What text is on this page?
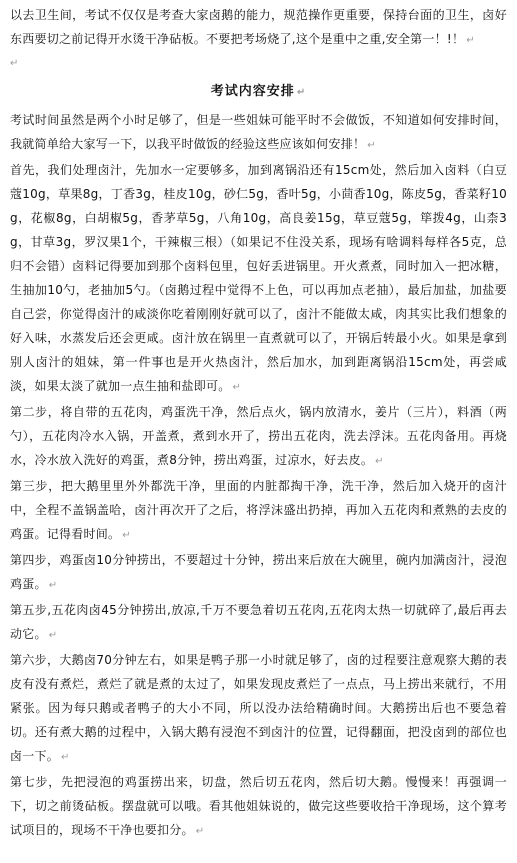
以去卫生间，考试不仅仅是考查大家卤鹅的能力，规范操作更重要，保持台面的卫生，卤好东西要切之前记得开水烫干净砧板。不要把考场烧了,这个是重中之重,安全第一！!！ ↵

↵
考试内容安排 ↵

考试时间虽然是两个小时足够了，但是一些姐妹可能平时不会做饭，不知道如何安排时间，我就简单给大家写一下，以我平时做饭的经验这些应该如何安排！ ↵

首先，我们处理卤汁，先加水一定要够多，加到离锅沿还有15cm处，然后加入卤料（白豆蔻10g，草果8g，丁香3g，桂皮10g，砂仁5g，香叶5g，小茴香10g，陈皮5g，香菜籽10g，花椒8g，白胡椒5g，香茅草5g，八角10g，高良姜15g，草豆蔻5g，筚拨4g，山柰3g，甘草3g，罗汉果1个，干辣椒三根）（如果记不住没关系，现场有啥调料每样各5克，总归不会错）卤料记得要加到那个卤料包里，包好丢进锅里。开火煮煮，同时加入一把冰糖，生抽加10勺，老抽加5勺。（卤鹅过程中觉得不上色，可以再加点老抽），最后加盐，加盐要自己尝，你觉得卤汁的咸淡你吃着刚刚好就可以了，卤汁不能做太咸，肉其实比我们想象的好入味，水蒸发后还会更咸。卤汁放在锅里一直煮就可以了，开锅后转最小火。如果是拿到别人卤汁的姐妹，第一件事也是开火热卤汁，然后加水，加到距离锅沿15cm处，再尝咸淡，如果太淡了就加一点生抽和盐即可。 ↵

第二步，将自带的五花肉，鸡蛋洗干净，然后点火，锅内放清水，姜片（三片），料酒（两勺），五花肉冷水入锅，开盖煮，煮到水开了，捞出五花肉，洗去浮沫。五花肉备用。再烧水，冷水放入洗好的鸡蛋，煮8分钟，捞出鸡蛋，过凉水，好去皮。 ↵

第三步，把大鹅里里外外都洗干净，里面的内脏都掏干净，洗干净，然后加入烧开的卤汁中，全程不盖锅盖哈，卤汁再次开了之后，将浮沫盛出扔掉，再加入五花肉和煮熟的去皮的鸡蛋。记得看时间。 ↵

第四步，鸡蛋卤10分钟捞出，不要超过十分钟，捞出来后放在大碗里，碗内加满卤汁，浸泡鸡蛋。 ↵

第五步,五花肉卤45分钟捞出,放凉,千万不要急着切五花肉,五花肉太热一切就碎了,最后再去动它。 ↵

第六步，大鹅卤70分钟左右，如果是鸭子那一小时就足够了，卤的过程要注意观察大鹅的表皮有没有煮烂，煮烂了就是煮的太过了，如果发现皮煮烂了一点点，马上捞出来就行，不用紧张。因为每只鹅或者鸭子的大小不同，所以没办法给精确时间。大鹅捞出后也不要急着切。还有煮大鹅的过程中，入锅大鹅有浸泡不到卤汁的位置，记得翻面，把没卤到的部位也卤一下。 ↵

第七步，先把浸泡的鸡蛋捞出来，切盘，然后切五花肉，然后切大鹅。慢慢来！再强调一下，切之前烫砧板。摆盘就可以哦。看其他姐妹说的，做完这些要收拾干净现场，这个算考试项目的，现场不干净也要扣分。 ↵
